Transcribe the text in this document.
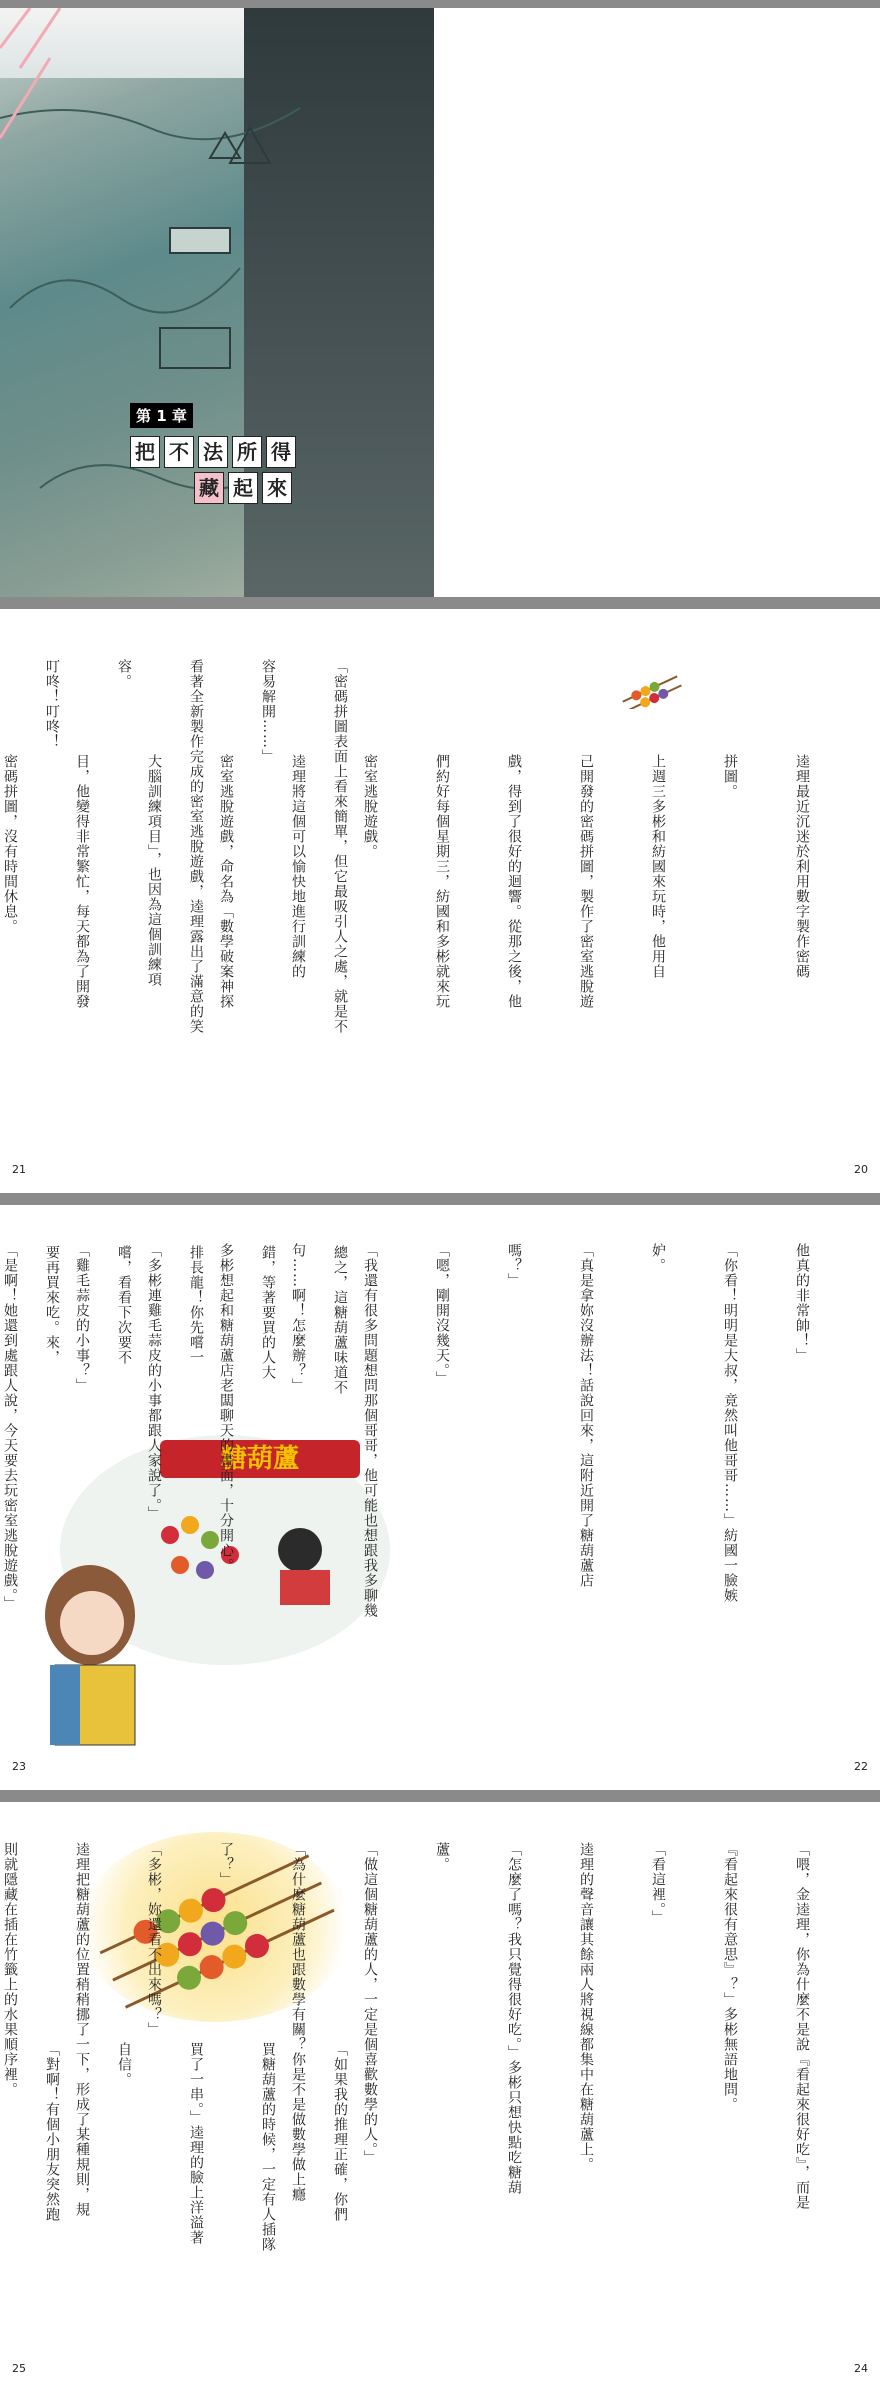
第 1 章
把 不 法 所 得
藏 起 來

「密碼拼圖表面上看來簡單，但它最吸引人之處，就是不

容易解開……」

看著全新製作完成的密室逃脫遊戲，逵理露出了滿意的笑

容。

叮咚！叮咚！

21

逵理最近沉迷於利用數字製作密碼

拼圖。

上週三多彬和紡國來玩時，他用自

己開發的密碼拼圖，製作了密室逃脫遊

戲，得到了很好的迴響。從那之後，他

們約好每個星期三，紡國和多彬就來玩

密室逃脫遊戲。

逵理將這個可以愉快地進行訓練的

密室逃脫遊戲，命名為「數學破案神探

大腦訓練項目」，也因為這個訓練項

目，他變得非常繁忙，每天都為了開發

密碼拼圖，沒有時間休息。

20

總之，這糖葫蘆味道不

錯，等著要買的人大

排長龍！你先嚐一

嚐，看看下次要不

要再買來吃。來，

糖葫蘆
23

他真的非常帥！」

「你看！明明是大叔，竟然叫他哥哥……」紡國一臉嫉

妒。

「真是拿妳沒辦法！話說回來，這附近開了糖葫蘆店

嗎？」

「嗯，剛開沒幾天。」

「我還有很多問題想問那個哥哥，他可能也想跟我多聊幾

句……啊！怎麼辦？」

多彬想起和糖葫蘆店老闆聊天的畫面，十分開心。

「多彬連雞毛蒜皮的小事都跟人家說了。」

「雞毛蒜皮的小事？」

「是啊！她還到處跟人說，今天要去玩密室逃脫遊戲。」

22

「如果我的推理正確，你們

買糖葫蘆的時候，一定有人插隊

買了一串。」逵理的臉上洋溢著

自信。

「對啊！有個小朋友突然跑

25

「喂，金逵理，你為什麼不是說『看起來很好吃』，而是

『看起來很有意思』？」多彬無語地問。

「看這裡。」

逵理的聲音讓其餘兩人將視線都集中在糖葫蘆上。

「怎麼了嗎？我只覺得很好吃。」多彬只想快點吃糖葫

蘆。

「做這個糖葫蘆的人，一定是個喜歡數學的人。」

「為什麼糖葫蘆也跟數學有關？你是不是做數學做上癮

了？」

「多彬，妳還看不出來嗎？」

逵理把糖葫蘆的位置稍稍挪了一下，形成了某種規則，規

則就隱藏在插在竹籤上的水果順序裡。

24
